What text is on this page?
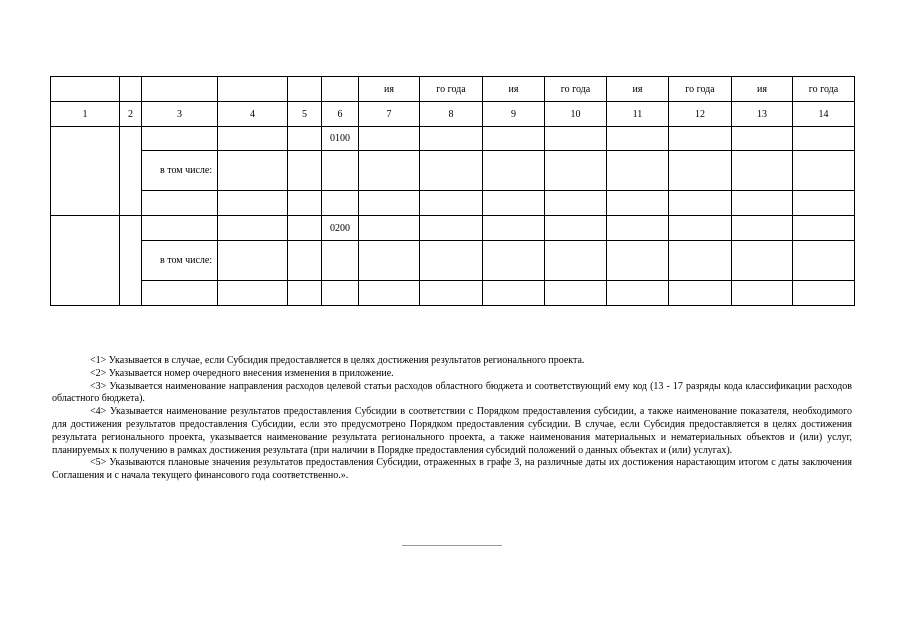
						ия	го года	ия	го года	ия	го года	ия	го года
1	2	3	4	5	6	7	8	9	10	11	12	13	14
					0100								
		в том числе:											

					0200								
		в том числе:											

<1> Указывается в случае, если Субсидия предоставляется в целях достижения результатов регионального проекта.

<2> Указывается номер очередного внесения изменения в приложение.

<3> Указывается наименование направления расходов целевой статьи расходов областного бюджета и соответствующий ему код (13 - 17 разряды кода классификации расходов областного бюджета).

<4> Указывается наименование результатов предоставления Субсидии в соответствии с Порядком предоставления субсидии, а также наименование показателя, необходимого для достижения результатов предоставления Субсидии, если это предусмотрено Порядком предоставления субсидии. В случае, если Субсидия предоставляется в целях достижения результата регионального проекта, указывается наименование результата регионального проекта, а также наименования материальных и нематериальных объектов и (или) услуг, планируемых к получению в рамках достижения результата (при наличии в Порядке предоставления субсидий положений о данных объектах и (или) услугах).

<5> Указываются плановые значения результатов предоставления Субсидии, отраженных в графе 3, на различные даты их достижения нарастающим итогом с даты заключения Соглашения и с начала текущего финансового года соответственно.».
